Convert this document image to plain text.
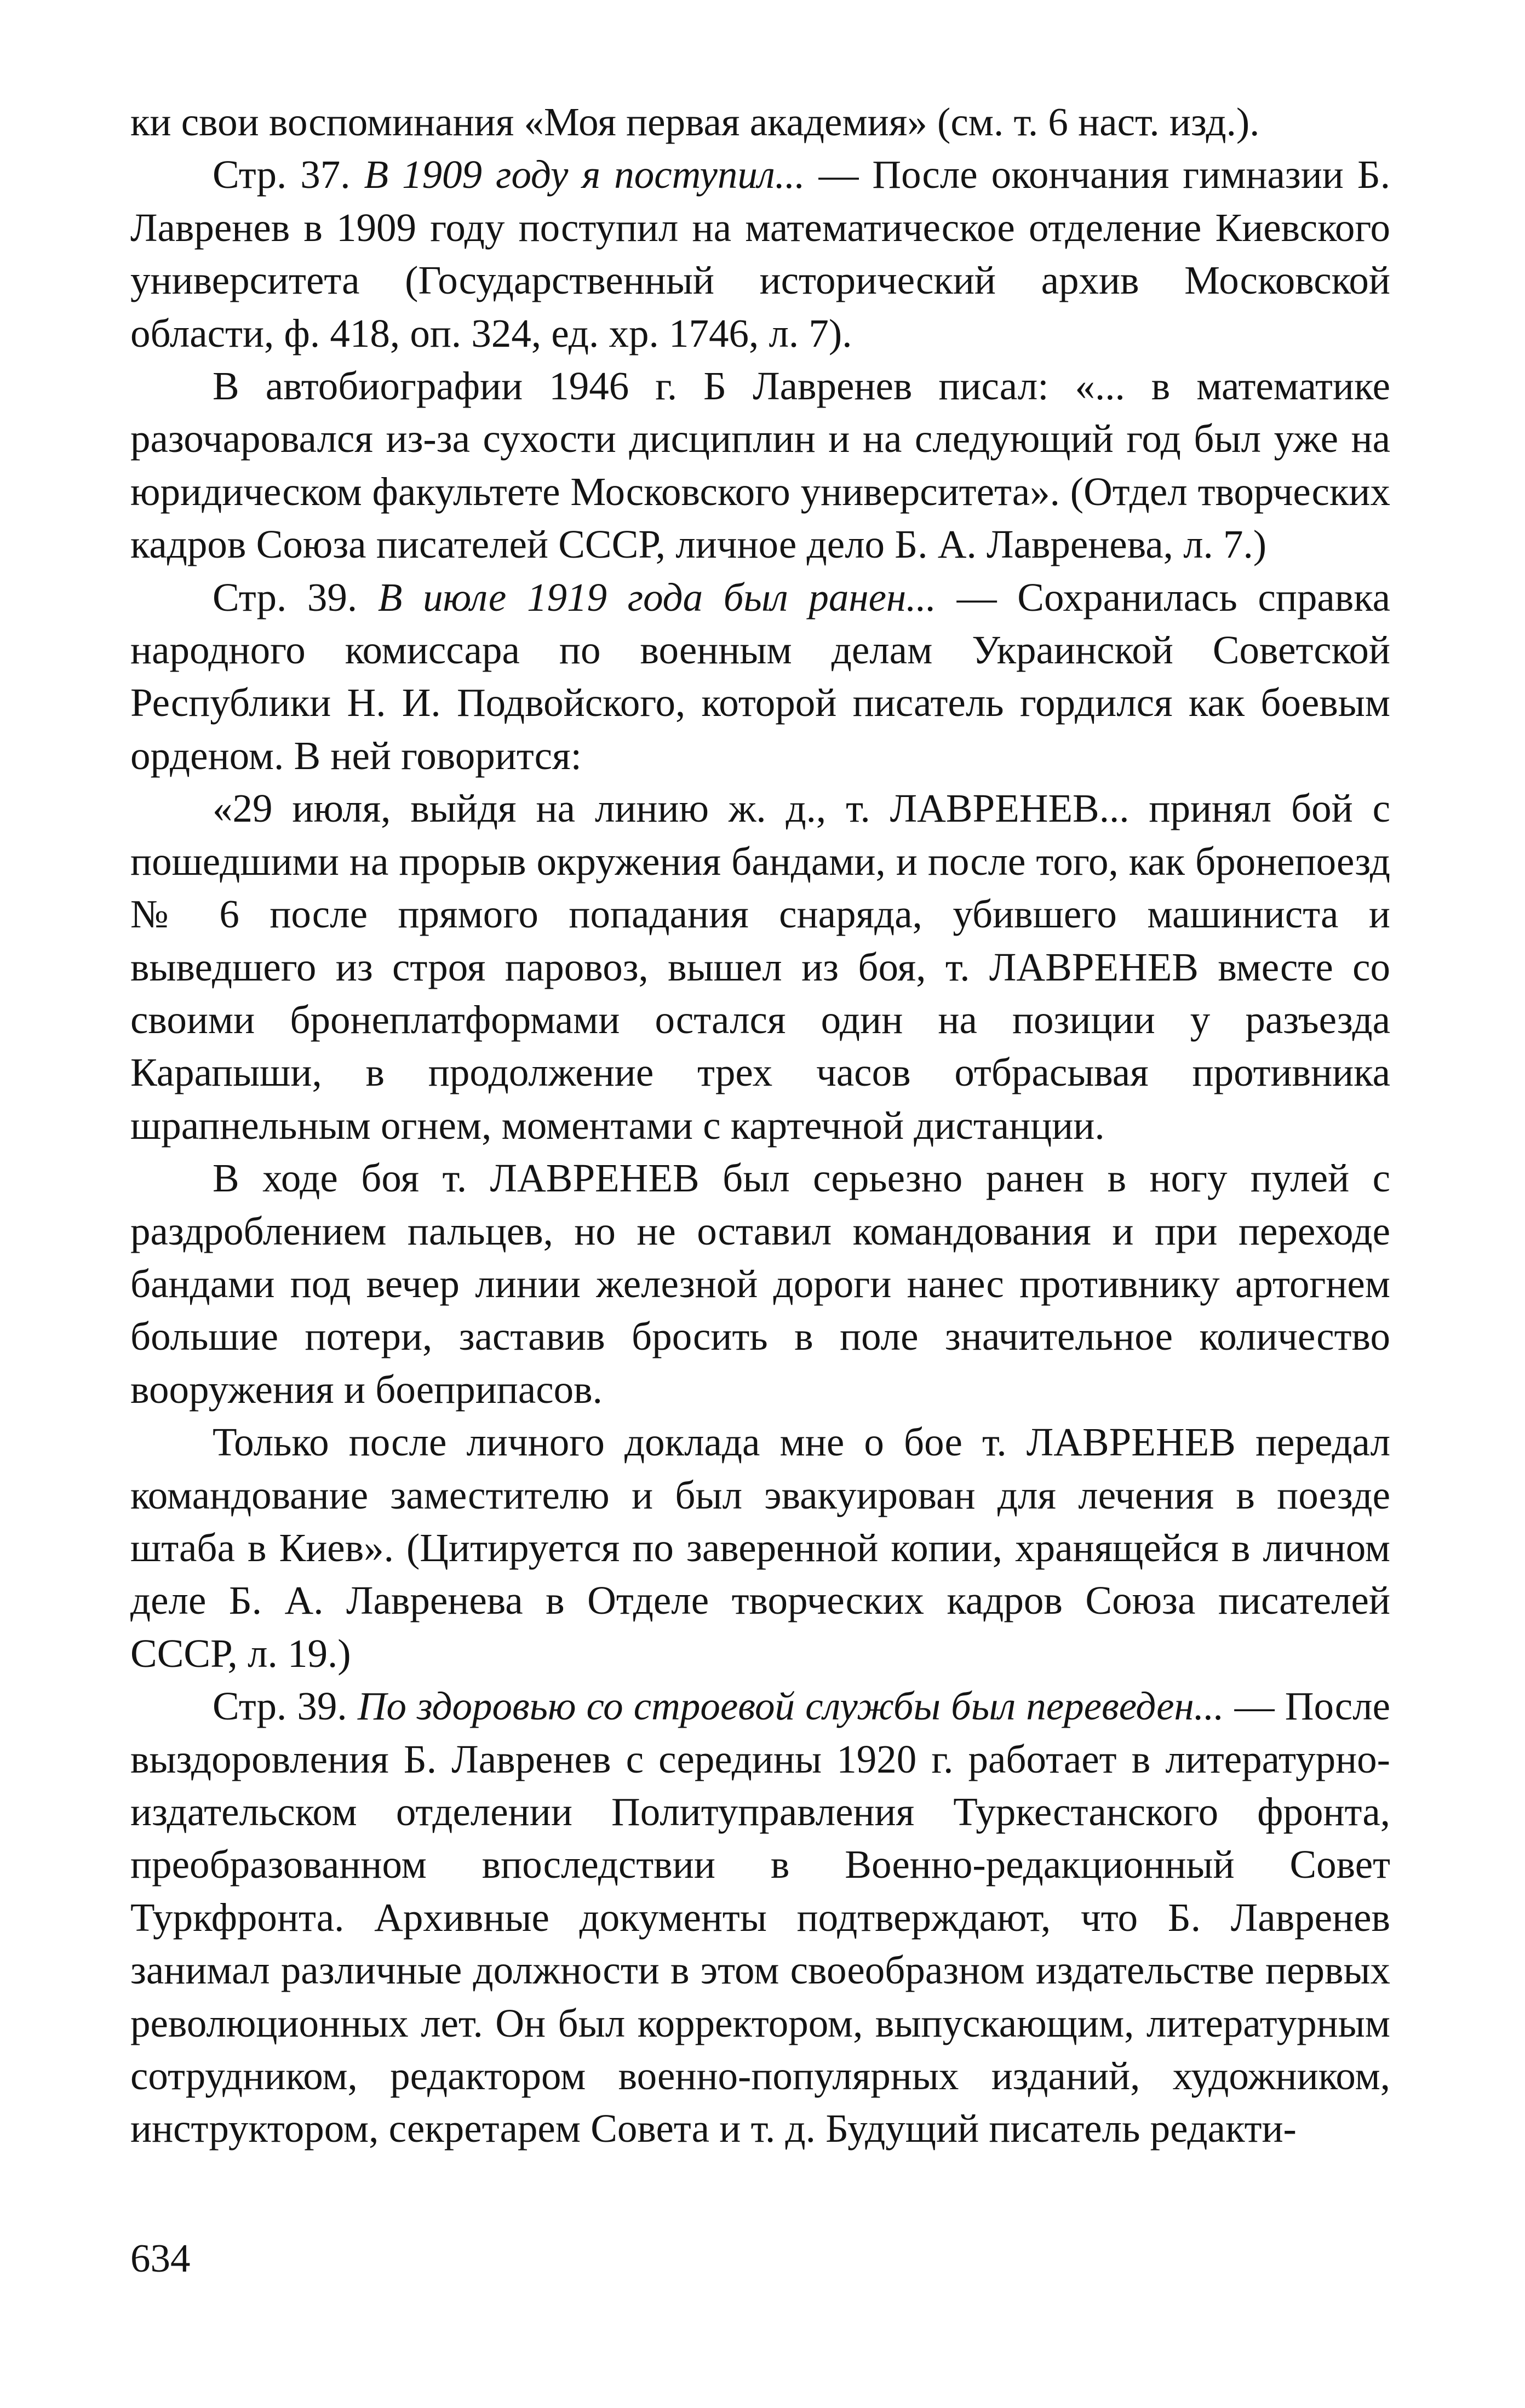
ки свои воспоминания «Моя первая академия» (см. т. 6 наст. изд.).

Стр. 37. В 1909 году я поступил... — После окончания гимназии Б. Лавренев в 1909 году поступил на математическое отделение Киевского университета (Государственный исторический архив Московской области, ф. 418, оп. 324, ед. хр. 1746, л. 7).

В автобиографии 1946 г. Б Лавренев писал: «... в математике разочаровался из-за сухости дисциплин и на следующий год был уже на юридическом факультете Московского университета». (Отдел творческих кадров Союза писателей СССР, личное дело Б. А. Лавренева, л. 7.)

Стр. 39. В июле 1919 года был ранен... — Сохранилась справка народного комиссара по военным делам Украинской Советской Республики Н. И. Подвойского, которой писатель гордился как боевым орденом. В ней говорится:

«29 июля, выйдя на линию ж. д., т. ЛАВРЕНЕВ... принял бой с пошедшими на прорыв окружения бандами, и после того, как бронепоезд № 6 после прямого попадания снаряда, убившего машиниста и выведшего из строя паровоз, вышел из боя, т. ЛАВРЕНЕВ вместе со своими бронеплатформами остался один на позиции у разъезда Карапыши, в продолжение трех часов отбрасывая противника шрапнельным огнем, моментами с картечной дистанции.

В ходе боя т. ЛАВРЕНЕВ был серьезно ранен в ногу пулей с раздроблением пальцев, но не оставил командования и при переходе бандами под вечер линии железной дороги нанес противнику артогнем большие потери, заставив бросить в поле значительное количество вооружения и боеприпасов.

Только после личного доклада мне о бое т. ЛАВРЕНЕВ передал командование заместителю и был эвакуирован для лечения в поезде штаба в Киев». (Цитируется по заверенной копии, хранящейся в личном деле Б. А. Лавренева в Отделе творческих кадров Союза писателей СССР, л. 19.)

Стр. 39. По здоровью со строевой службы был переведен... — После выздоровления Б. Лавренев с середины 1920 г. работает в литературно-издательском отделении Политуправления Туркестанского фронта, преобразованном впоследствии в Военно-редакционный Совет Туркфронта. Архивные документы подтверждают, что Б. Лавренев занимал различные должности в этом своеобразном издательстве первых революционных лет. Он был корректором, выпускающим, литературным сотрудником, редактором военно-популярных изданий, художником, инструктором, секретарем Совета и т. д. Будущий писатель редакти-

634
